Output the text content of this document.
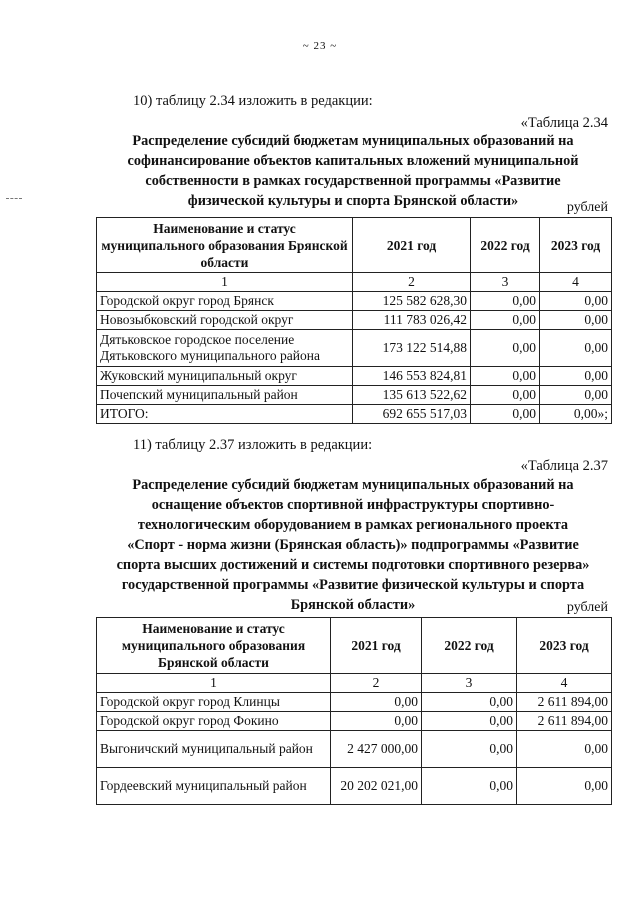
~ 23 ~
10) таблицу 2.34 изложить в редакции:
«Таблица 2.34
Распределение субсидий бюджетам муниципальных образований на
софинансирование объектов капитальных вложений муниципальной
собственности в рамках государственной программы «Развитие
физической культуры и спорта Брянской области»	рублей
Наименование и статус муниципального образования Брянской области	2021 год	2022 год	2023 год
1	2	3	4
Городской округ город Брянск	125 582 628,30	0,00	0,00
Новозыбковский городской округ	111 783 026,42	0,00	0,00
Дятьковское городское поселение Дятьковского муниципального района	173 122 514,88	0,00	0,00
Жуковский муниципальный округ	146 553 824,81	0,00	0,00
Почепский муниципальный район	135 613 522,62	0,00	0,00
ИТОГО:	692 655 517,03	0,00	0,00»;
11) таблицу 2.37 изложить в редакции:
«Таблица 2.37
Распределение субсидий бюджетам муниципальных образований на
оснащение объектов спортивной инфраструктуры спортивно-
технологическим оборудованием в рамках регионального проекта
«Спорт - норма жизни (Брянская область)» подпрограммы «Развитие
спорта высших достижений и системы подготовки спортивного резерва»
государственной программы «Развитие физической культуры и спорта
Брянской области»	рублей
Наименование и статус муниципального образования Брянской области	2021 год	2022 год	2023 год
1	2	3	4
Городской округ город Клинцы	0,00	0,00	2 611 894,00
Городской округ город Фокино	0,00	0,00	2 611 894,00
Выгоничский муниципальный район	2 427 000,00	0,00	0,00
Гордеевский муниципальный район	20 202 021,00	0,00	0,00
